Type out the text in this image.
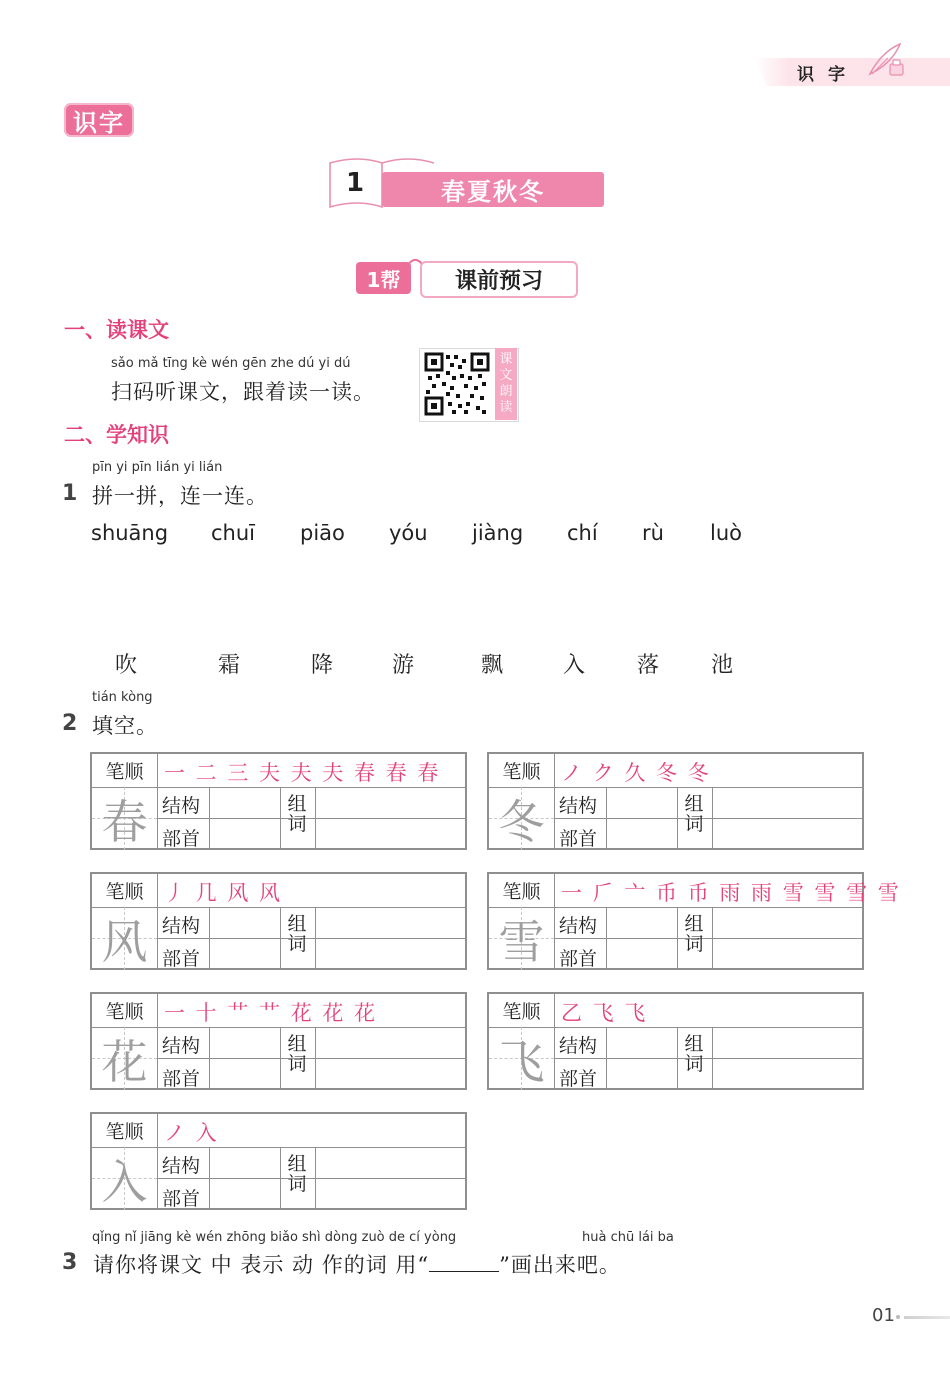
识字
识字
1	春夏秋冬
1帮	课前预习
一、读课文
sǎo mǎ tīng kè wén gēn zhe dú yi dú
扫码听课文，跟着读一读。
课文朗读
二、学知识
pīn yi pīn lián yi lián
1 拼一拼，连一连。
shuāng chuī piāo yóu jiàng chí rù luò
吹	霜	降	游	飘	入 落 池
tián kòng
2 填空。
笔顺 一 二 三 夫 夫 夫 春 春 春
春 结构
部首
组词
笔顺 ノ ク 久 冬 冬
冬 结构
部首
组词
笔顺 丿 几 风 风
风 结构
部首
组词
笔顺 一 𠂆 亠 币 币 雨 雨 雪 雪 雪 雪
雪 结构
部首
组词
笔顺 一 十 艹 艹 花 花 花
花 结构
部首
组词
笔顺 乙 飞 飞
飞 结构
部首
组词
笔顺 ノ 入
入 结构
部首
组词
qǐng nǐ jiāng kè wén zhōng biǎo shì dòng zuò de cí yòng	huà chū lái ba
3 请你将课文 中 表示 动 作的词 用“	”画出来吧。
01
